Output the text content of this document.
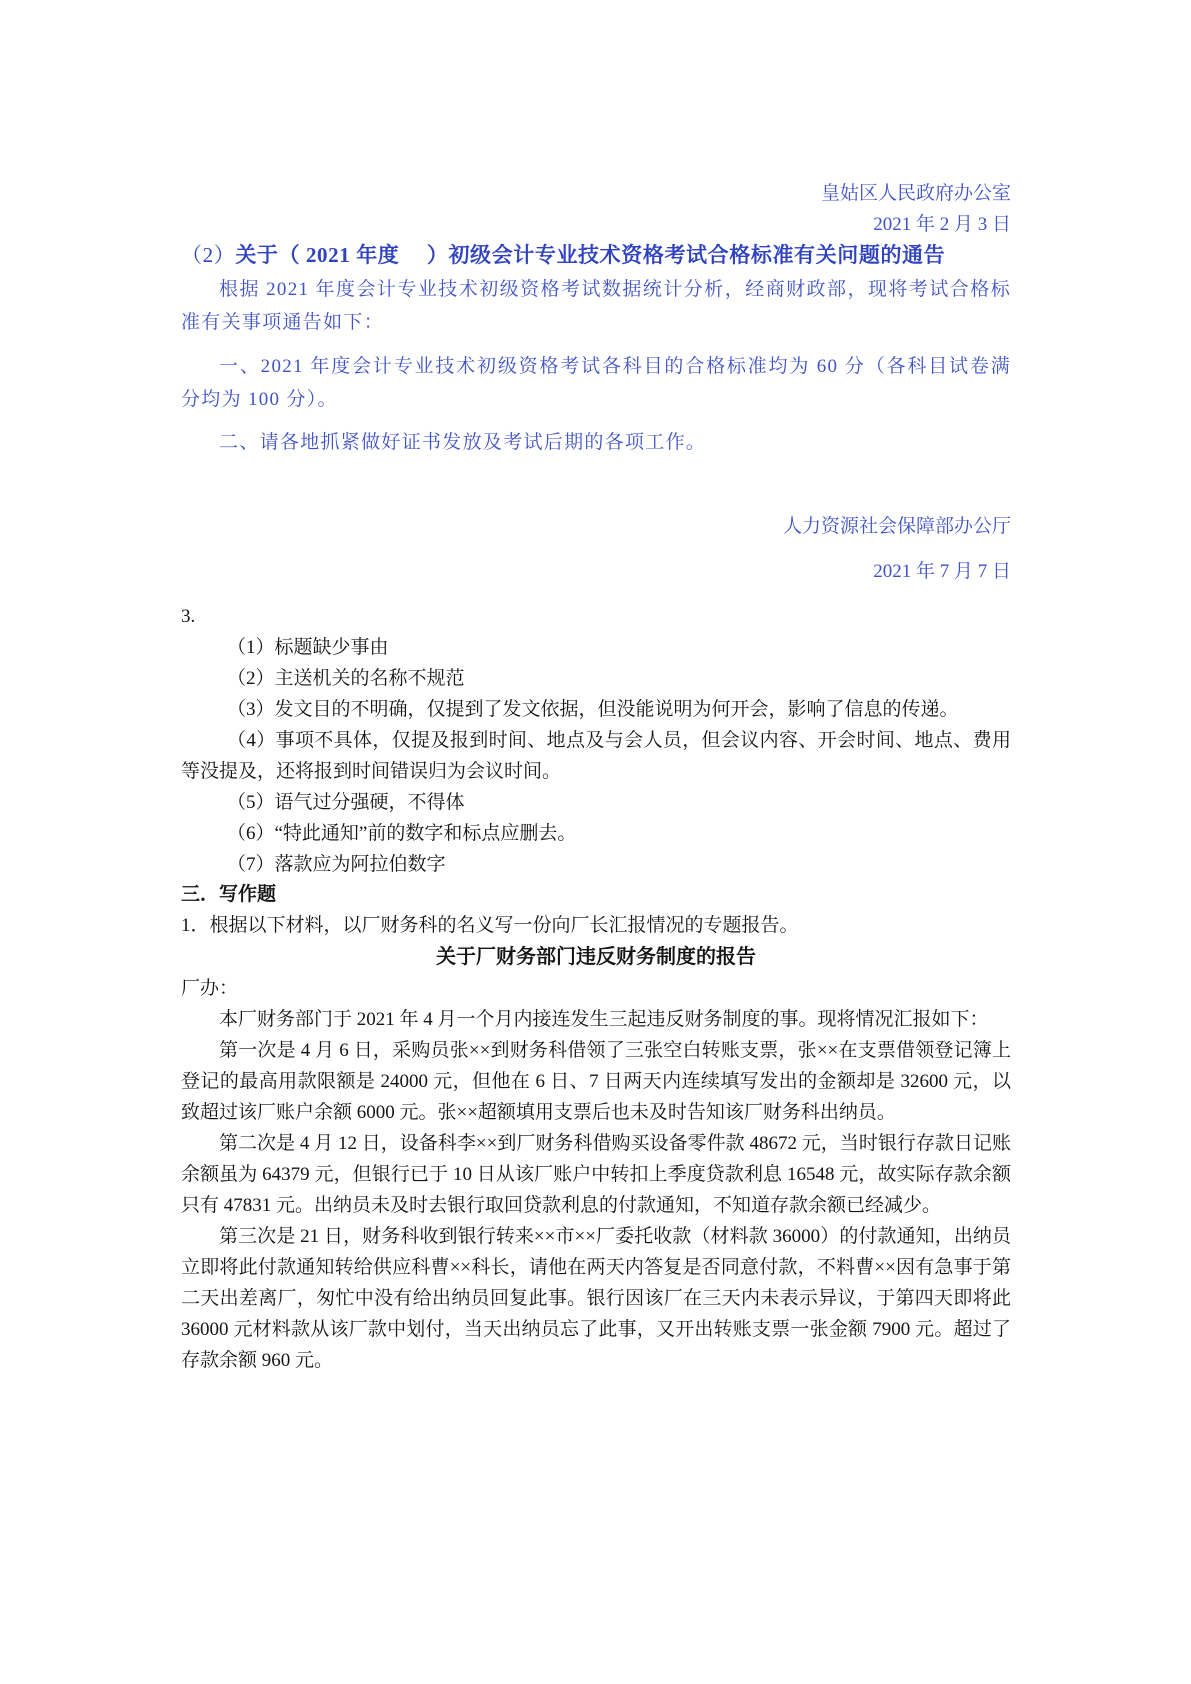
皇姑区人民政府办公室
2021 年 2 月 3 日
（2）关于（ 2021 年度　 ）初级会计专业技术资格考试合格标准有关问题的通告
根据 2021 年度会计专业技术初级资格考试数据统计分析，经商财政部，现将考试合格标准有关事项通告如下：
一、2021 年度会计专业技术初级资格考试各科目的合格标准均为 60 分（各科目试卷满分均为 100 分）。
二、请各地抓紧做好证书发放及考试后期的各项工作。
人力资源社会保障部办公厅
2021 年 7 月 7 日
3.
（1）标题缺少事由
（2）主送机关的名称不规范
（3）发文目的不明确，仅提到了发文依据，但没能说明为何开会，影响了信息的传递。
（4）事项不具体，仅提及报到时间、地点及与会人员，但会议内容、开会时间、地点、费用等没提及，还将报到时间错误归为会议时间。
（5）语气过分强硬，不得体
（6）“特此通知”前的数字和标点应删去。
（7）落款应为阿拉伯数字
三．写作题
1．根据以下材料，以厂财务科的名义写一份向厂长汇报情况的专题报告。
关于厂财务部门违反财务制度的报告
厂办：
本厂财务部门于 2021 年 4 月一个月内接连发生三起违反财务制度的事。现将情况汇报如下：
第一次是 4 月 6 日，采购员张××到财务科借领了三张空白转账支票，张××在支票借领登记簿上登记的最高用款限额是 24000 元，但他在 6 日、7 日两天内连续填写发出的金额却是 32600 元，以致超过该厂账户余额 6000 元。张××超额填用支票后也未及时告知该厂财务科出纳员。
第二次是 4 月 12 日，设备科李××到厂财务科借购买设备零件款 48672 元，当时银行存款日记账余额虽为 64379 元，但银行已于 10 日从该厂账户中转扣上季度贷款利息 16548 元，故实际存款余额只有 47831 元。出纳员未及时去银行取回贷款利息的付款通知，不知道存款余额已经减少。
第三次是 21 日，财务科收到银行转来××市××厂委托收款（材料款 36000）的付款通知，出纳员立即将此付款通知转给供应科曹××科长，请他在两天内答复是否同意付款，不料曹××因有急事于第二天出差离厂，匆忙中没有给出纳员回复此事。银行因该厂在三天内未表示异议，于第四天即将此 36000 元材料款从该厂款中划付，当天出纳员忘了此事，又开出转账支票一张金额 7900 元。超过了存款余额 960 元。
